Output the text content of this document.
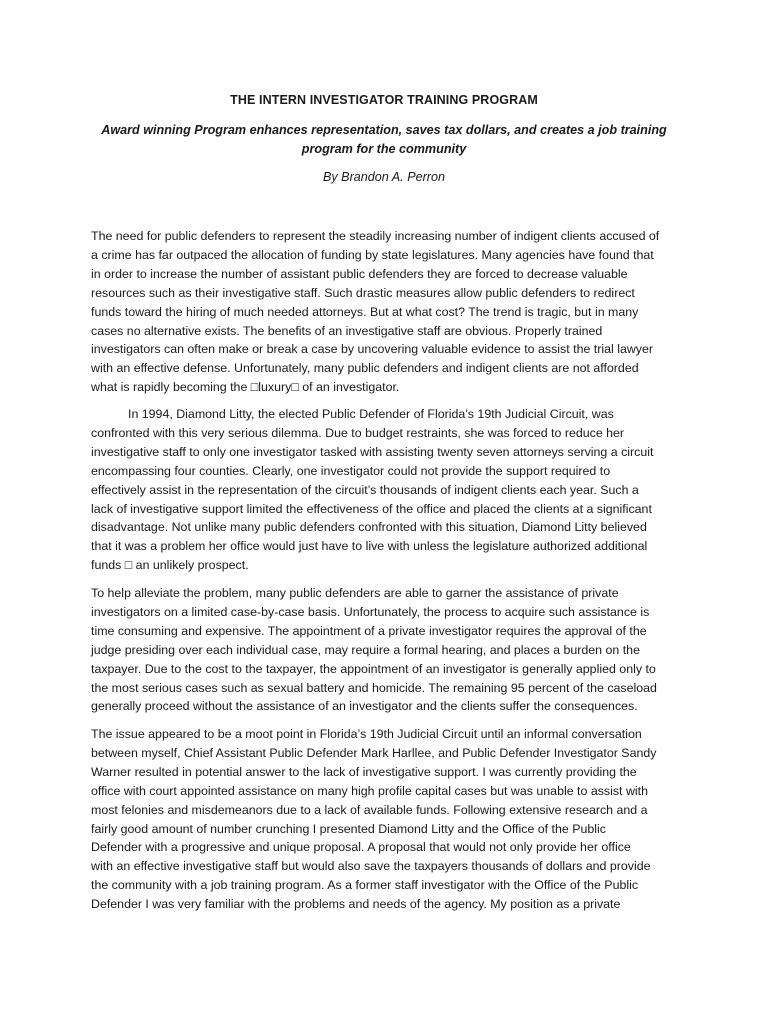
THE INTERN INVESTIGATOR TRAINING PROGRAM
Award winning Program enhances representation, saves tax dollars, and creates a job training
program for the community
By Brandon A. Perron
The need for public defenders to represent the steadily increasing number of indigent clients accused of
a crime has far outpaced the allocation of funding by state legislatures. Many agencies have found that
in order to increase the number of assistant public defenders they are forced to decrease valuable
resources such as their investigative staff. Such drastic measures allow public defenders to redirect
funds toward the hiring of much needed attorneys. But at what cost? The trend is tragic, but in many
cases no alternative exists. The benefits of an investigative staff are obvious. Properly trained
investigators can often make or break a case by uncovering valuable evidence to assist the trial lawyer
with an effective defense. Unfortunately, many public defenders and indigent clients are not afforded
what is rapidly becoming the □luxury□ of an investigator.
In 1994, Diamond Litty, the elected Public Defender of Florida’s 19th Judicial Circuit, was
confronted with this very serious dilemma. Due to budget restraints, she was forced to reduce her
investigative staff to only one investigator tasked with assisting twenty seven attorneys serving a circuit
encompassing four counties. Clearly, one investigator could not provide the support required to
effectively assist in the representation of the circuit’s thousands of indigent clients each year. Such a
lack of investigative support limited the effectiveness of the office and placed the clients at a significant
disadvantage. Not unlike many public defenders confronted with this situation, Diamond Litty believed
that it was a problem her office would just have to live with unless the legislature authorized additional
funds □ an unlikely prospect.
To help alleviate the problem, many public defenders are able to garner the assistance of private
investigators on a limited case-by-case basis. Unfortunately, the process to acquire such assistance is
time consuming and expensive. The appointment of a private investigator requires the approval of the
judge presiding over each individual case, may require a formal hearing, and places a burden on the
taxpayer. Due to the cost to the taxpayer, the appointment of an investigator is generally applied only to
the most serious cases such as sexual battery and homicide. The remaining 95 percent of the caseload
generally proceed without the assistance of an investigator and the clients suffer the consequences.
The issue appeared to be a moot point in Florida’s 19th Judicial Circuit until an informal conversation
between myself, Chief Assistant Public Defender Mark Harllee, and Public Defender Investigator Sandy
Warner resulted in potential answer to the lack of investigative support. I was currently providing the
office with court appointed assistance on many high profile capital cases but was unable to assist with
most felonies and misdemeanors due to a lack of available funds. Following extensive research and a
fairly good amount of number crunching I presented Diamond Litty and the Office of the Public
Defender with a progressive and unique proposal. A proposal that would not only provide her office
with an effective investigative staff but would also save the taxpayers thousands of dollars and provide
the community with a job training program. As a former staff investigator with the Office of the Public
Defender I was very familiar with the problems and needs of the agency. My position as a private
